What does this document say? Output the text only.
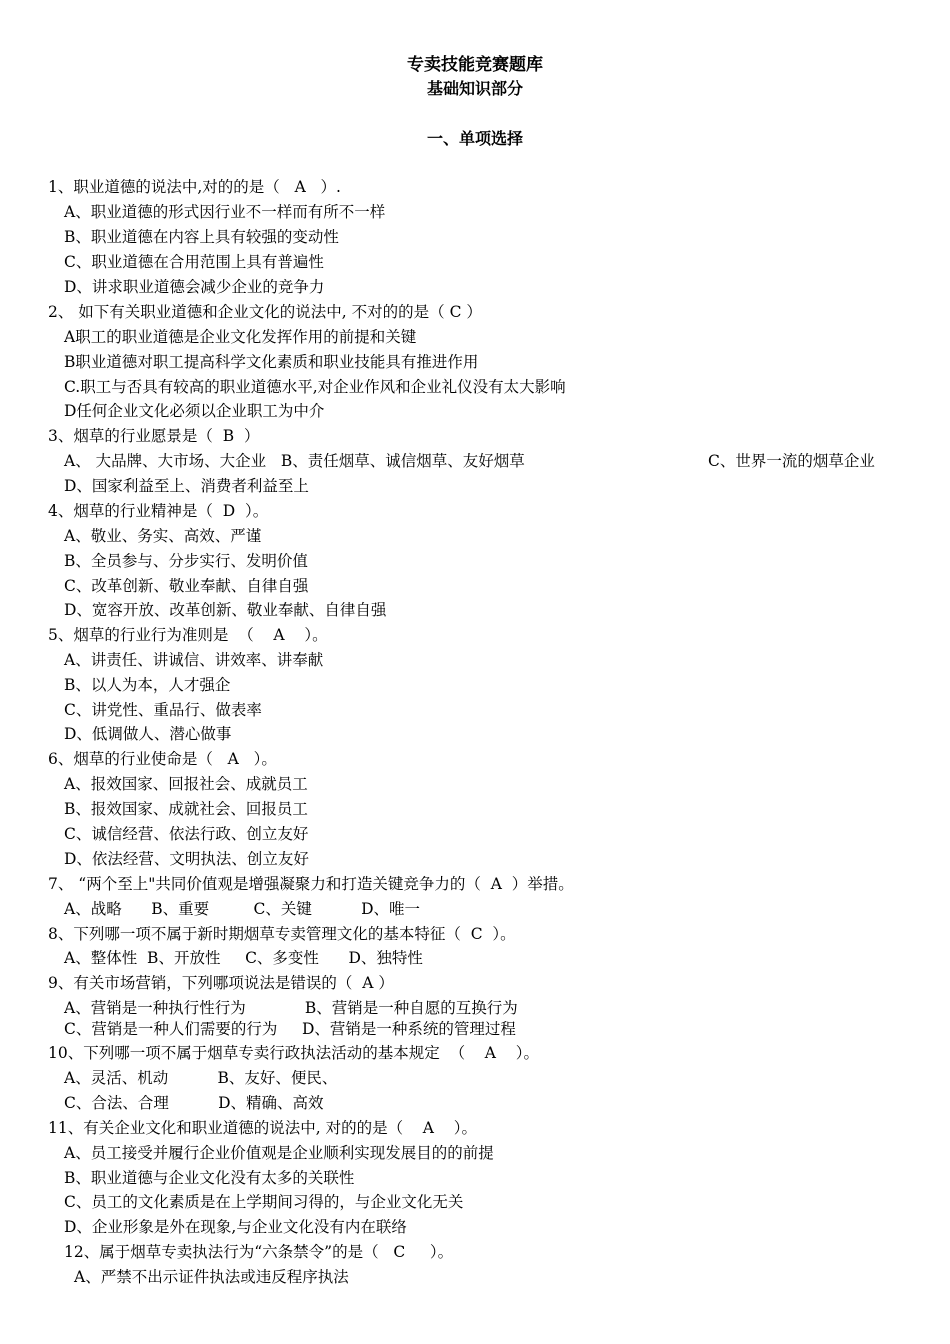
专卖技能竞赛题库
基础知识部分
一、单项选择
1、职业道德的说法中,对的的是（   A   ）.
A、职业道德的形式因行业不一样而有所不一样
B、职业道德在内容上具有较强的变动性
C、职业道德在合用范围上具有普遍性
D、讲求职业道德会减少企业的竞争力
2、 如下有关职业道德和企业文化的说法中, 不对的的是（ C ）
A职工的职业道德是企业文化发挥作用的前提和关键
B职业道德对职工提高科学文化素质和职业技能具有推进作用
C.职工与否具有较高的职业道德水平,对企业作风和企业礼仪没有太大影响
D任何企业文化必须以企业职工为中介
3、烟草的行业愿景是（  B  ）
A、 大品牌、大市场、大企业   B、责任烟草、诚信烟草、友好烟草	C、世界一流的烟草企业
D、国家利益至上、消费者利益至上
4、烟草的行业精神是（  D  ）。
A、敬业、务实、高效、严谨
B、全员参与、分步实行、发明价值
C、改革创新、敬业奉献、自律自强
D、宽容开放、改革创新、敬业奉献、自律自强
5、烟草的行业行为准则是  （    A    ）。
A、讲责任、讲诚信、讲效率、讲奉献
B、以人为本，人才强企
C、讲党性、重品行、做表率
D、低调做人、潜心做事
6、烟草的行业使命是（   A   ）。
A、报效国家、回报社会、成就员工
B、报效国家、成就社会、回报员工
C、诚信经营、依法行政、创立友好
D、依法经营、文明执法、创立友好
7、 “两个至上"共同价值观是增强凝聚力和打造关键竞争力的（  A  ）举措。
A、战略      B、重要         C、关键          D、唯一
8、下列哪一项不属于新时期烟草专卖管理文化的基本特征（  C  ）。
A、整体性  B、开放性     C、多变性      D、独特性
9、有关市场营销，下列哪项说法是错误的（  A ）
A、营销是一种执行性行为            B、营销是一种自愿的互换行为
C、营销是一种人们需要的行为     D、营销是一种系统的管理过程
10、下列哪一项不属于烟草专卖行政执法活动的基本规定  （    A    ）。
A、灵活、机动          B、友好、便民、
C、合法、合理          D、精确、高效
11、有关企业文化和职业道德的说法中, 对的的是（    A    ）。
A、员工接受并履行企业价值观是企业顺利实现发展目的的前提
B、职业道德与企业文化没有太多的关联性
C、员工的文化素质是在上学期间习得的，与企业文化无关
D、企业形象是外在现象,与企业文化没有内在联络
12、属于烟草专卖执法行为“六条禁令”的是（   C     ）。
A、严禁不出示证件执法或违反程序执法
